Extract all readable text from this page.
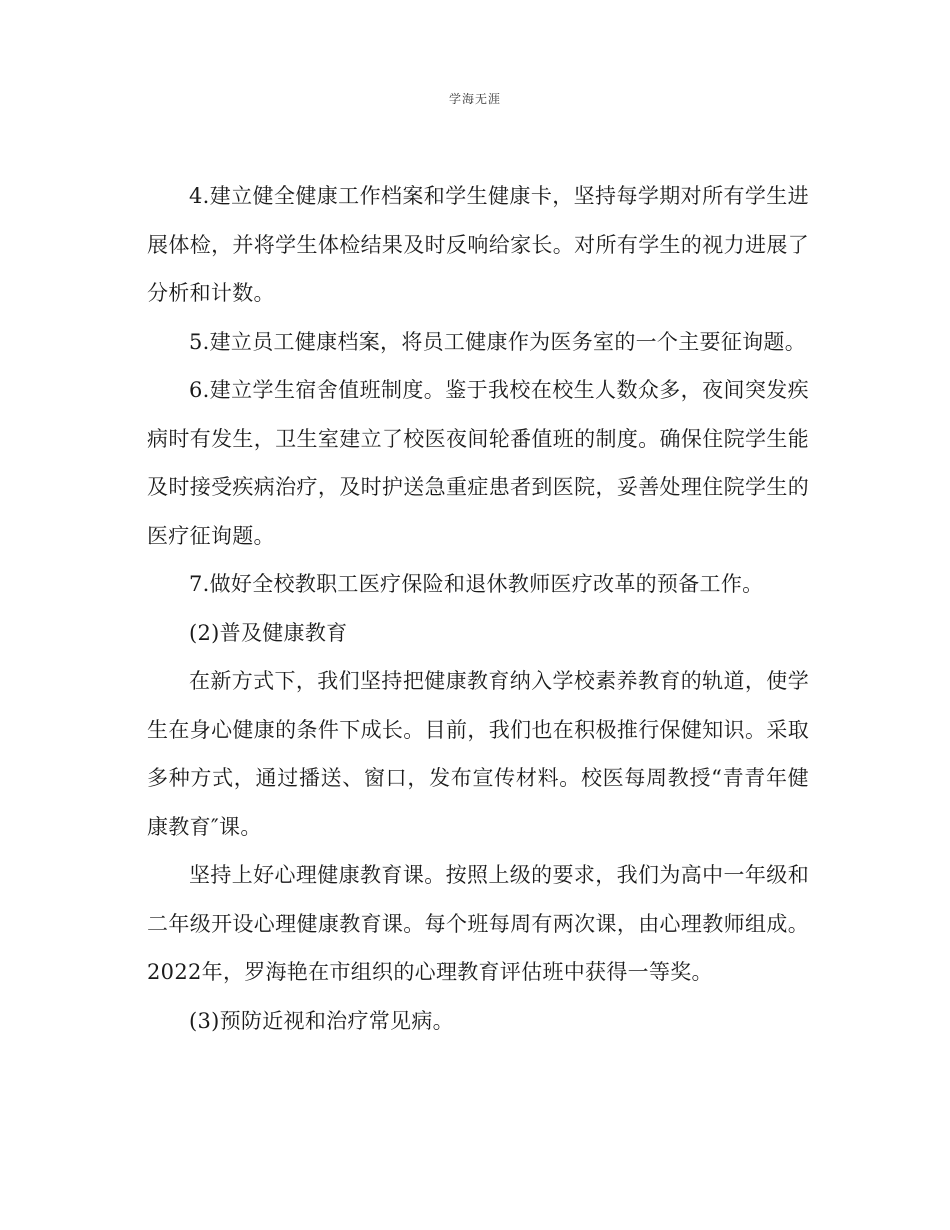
学海无涯

4.建立健全健康工作档案和学生健康卡，坚持每学期对所有学生进展体检，并将学生体检结果及时反响给家长。对所有学生的视力进展了分析和计数。

5.建立员工健康档案，将员工健康作为医务室的一个主要征询题。

6.建立学生宿舍值班制度。鉴于我校在校生人数众多，夜间突发疾病时有发生，卫生室建立了校医夜间轮番值班的制度。确保住院学生能及时接受疾病治疗，及时护送急重症患者到医院，妥善处理住院学生的医疗征询题。

7.做好全校教职工医疗保险和退休教师医疗改革的预备工作。

(2)普及健康教育

在新方式下，我们坚持把健康教育纳入学校素养教育的轨道，使学生在身心健康的条件下成长。目前，我们也在积极推行保健知识。采取多种方式，通过播送、窗口，发布宣传材料。校医每周教授“青青年健康教育″课。

坚持上好心理健康教育课。按照上级的要求，我们为高中一年级和二年级开设心理健康教育课。每个班每周有两次课，由心理教师组成。2022年，罗海艳在市组织的心理教育评估班中获得一等奖。

(3)预防近视和治疗常见病。
